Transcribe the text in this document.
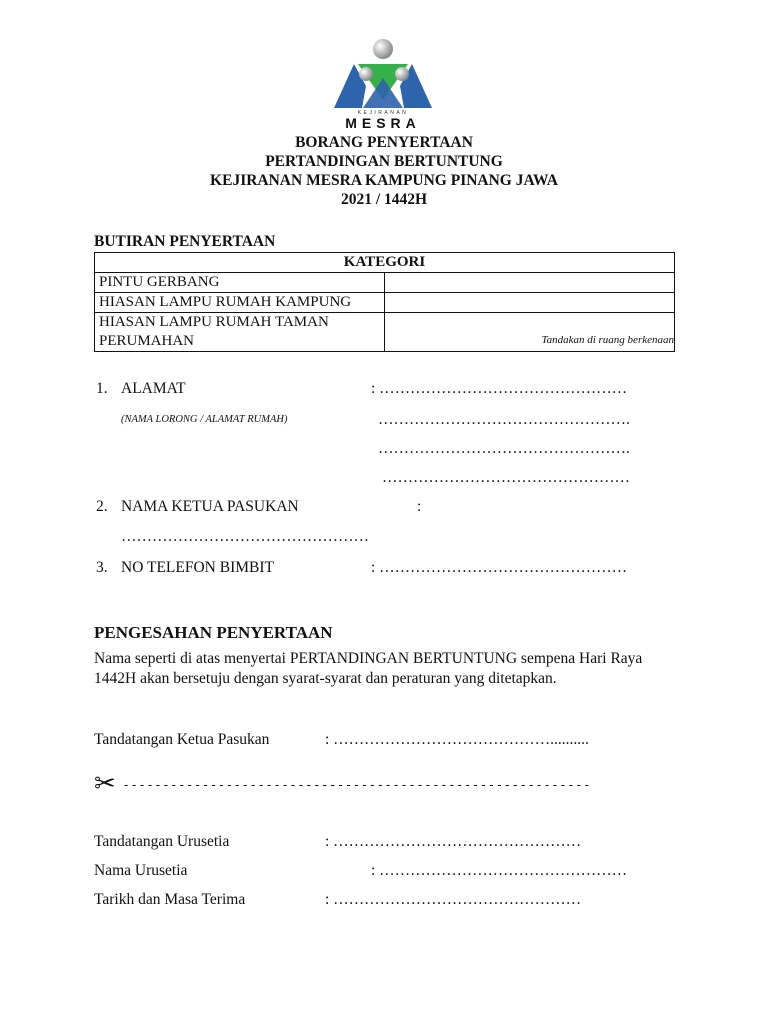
KEJIRANAN
MESRA
BORANG PENYERTAAN
PERTANDINGAN BERTUNTUNG
KEJIRANAN MESRA KAMPUNG PINANG JAWA
2021 / 1442H
BUTIRAN PENYERTAAN
KATEGORI	
PINTU GERBANG	
HIASAN LAMPU RUMAH KAMPUNG	
HIASAN LAMPU RUMAH TAMAN PERUMAHAN		Tandakan di ruang berkenaan
1. ALAMAT	: …………………………………………
(NAMA LORONG / ALAMAT RUMAH)	………………………………………….
………………………………………….
…………………………………………
2. NAMA KETUA PASUKAN	:
…………………………………………
3. NO TELEFON BIMBIT	: …………………………………………
PENGESAHAN PENYERTAAN
Nama seperti di atas menyertai PERTANDINGAN BERTUNTUNG sempena Hari Raya 1442H akan bersetuju dengan syarat-syarat dan peraturan yang ditetapkan.
Tandatangan Ketua Pasukan	: ……………………………………..........
✂ - - - - - - - - - - - - - - - - - - - - - - - - - - - - - - - - - - - - - - - - - - - - - - - - - - - - - - - - - - -
Tandatangan Urusetia	: …………………………………………
Nama Urusetia	: …………………………………………
Tarikh dan Masa Terima	: …………………………………………
